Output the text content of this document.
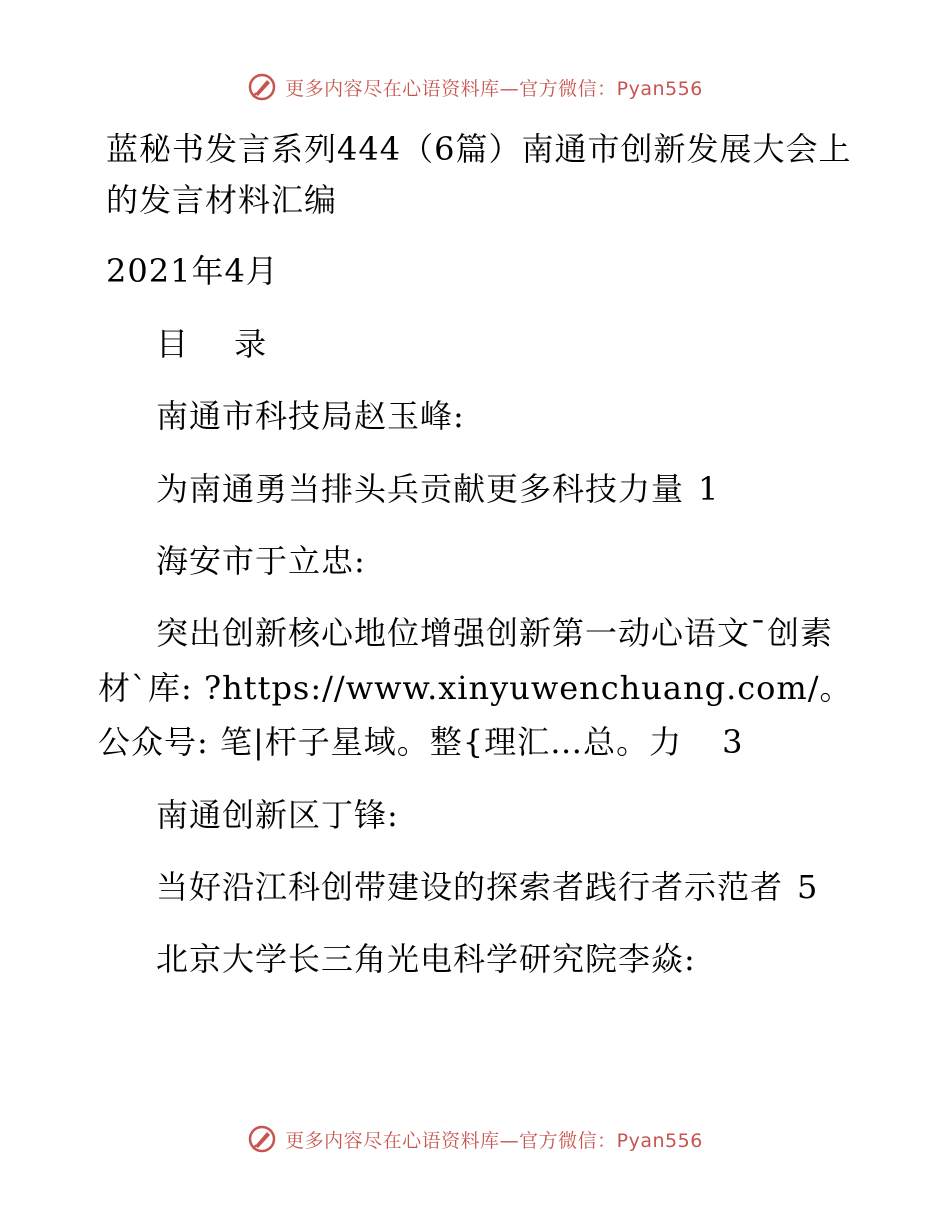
更多内容尽在心语资料库—官方微信：Pyan556
蓝秘书发言系列444（6篇）南通市创新发展大会上的发言材料汇编

2021年4月

目 录

南通市科技局赵玉峰:

为南通勇当排头兵贡献更多科技力量 1

海安市于立忠:

突出创新核心地位增强创新第一动心语文¯创素材`库: ?https://www.xinyuwenchuang.com/。公众号: 笔|杆子星域。整{理汇…总。力 3

南通创新区丁锋:

当好沿江科创带建设的探索者践行者示范者 5

北京大学长三角光电科学研究院李焱:

更多内容尽在心语资料库—官方微信：Pyan556
